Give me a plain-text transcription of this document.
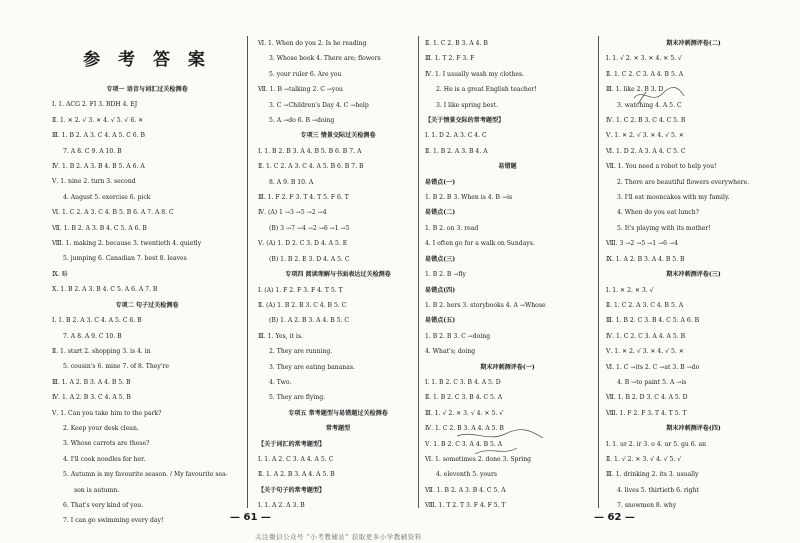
参 考 答 案
专项一 语音与词汇过关检测卷
Ⅰ. 1. ACG 2. FI 3. BDH 4. EJ
Ⅱ. 1. ✕ 2. √ 3. ✕ 4. √ 5. √ 6. ✕
Ⅲ. 1. B 2. A 3. C 4. A 5. C 6. B
7. A 8. C 9. A 10. B
Ⅳ. 1. B 2. A 3. B 4. B 5. A 6. A
Ⅴ. 1. nine 2. turn 3. second
4. August 5. exercise 6. pick
Ⅵ. 1. C 2. A 3. C 4. B 5. B 6. A 7. A 8. C
Ⅶ. 1. B 2. A 3. B 4. C 5. A 6. B
Ⅷ. 1. making 2. because 3. twentieth 4. quietly
5. jumping 6. Canadian 7. best 8. leaves
Ⅸ. 略
Ⅹ. 1. B 2. A 3. B 4. C 5. A 6. A 7. B
专项二 句子过关检测卷
Ⅰ. 1. B 2. A 3. C 4. A 5. C 6. B
7. A 8. A 9. C 10. B
Ⅱ. 1. start 2. shopping 3. is 4. in
5. cousin's 6. mine 7. of 8. They're
Ⅲ. 1. A 2. B 3. A 4. B 5. B
Ⅳ. 1. A 2. B 3. C 4. A 5. B
Ⅴ. 1. Can you take him to the park?
2. Keep your desk clean.
3. Whose carrots are these?
4. I'll cook noodles for her.
5. Autumn is my favourite season. / My favourite sea-
son is autumn.
6. That's very kind of you.
7. I can go swimming every day!
Ⅵ. 1. When do you 2. Is he reading
3. Whose book 4. There are; flowers
5. your ruler 6. Are you
Ⅶ. 1. B →talking 2. C →you
3. C →Children's Day 4. C →help
5. A →do 6. B →doing
专项三 情景交际过关检测卷
Ⅰ. 1. B 2. B 3. A 4. B 5. B 6. B 7. A
Ⅱ. 1. C 2. A 3. C 4. A 5. B 6. B 7. B
8. A 9. B 10. A
Ⅲ. 1. F 2. F 3. T 4. T 5. F 6. T
Ⅳ. (A) 1 →3 →5 →2 →4
(B) 3 →7 →4 →2 →6 →1 →5
Ⅴ. (A) 1. D 2. C 3. D 4. A 5. E
(B) 1. B 2. E 3. D 4. A 5. C
专项四 阅读理解与书面表达过关检测卷
Ⅰ. (A) 1. F 2. F 3. F 4. T 5. T
Ⅱ. (A) 1. B 2. B 3. C 4. B 5. C
(B) 1. A 2. B 3. A 4. B 5. C
Ⅲ. 1. Yes, it is.
2. They are running.
3. They are eating bananas.
4. Two.
5. They are flying.
专项五 常考题型与易错题过关检测卷
常考题型
【关于词汇的常考题型】
Ⅰ. 1. A 2. C 3. A 4. A 5. C
Ⅱ. 1. A 2. B 3. A 4. A 5. B
【关于句子的常考题型】
Ⅰ. 1. A 2. A 3. B
Ⅱ. 1. C 2. B 3. A 4. B
Ⅲ. 1. T 2. F 3. F
Ⅳ. 1. I usually wash my clothes.
2. He is a great English teacher!
3. I like spring best.
【关于情景交际的常考题型】
Ⅰ. 1. D 2. A 3. C 4. C
Ⅱ. 1. B 2. A 3. B 4. A
易错题
易错点(一)
1. B 2. B 3. When is 4. B →is
易错点(二)
1. B 2. on 3. read
4. I often go for a walk on Sundays.
易错点(三)
1. B 2. B →fly
易错点(四)
1. B 2. hers 3. storybooks 4. A →Whose
易错点(五)
1. B 2. B 3. C →doing
4. What's; doing
期末冲刺测评卷(一)
Ⅰ. 1. B 2. C 3. B 4. A 5. D
Ⅱ. 1. B 2. C 3. B 4. C 5. A
Ⅲ. 1. √ 2. ✕ 3. √ 4. ✕ 5. √
Ⅳ. 1. C 2. B 3. A 4. A 5. B
Ⅴ. 1. B 2. C 3. A 4. B 5. A
Ⅵ. 1. sometimes 2. done 3. Spring
4. eleventh 5. yours
Ⅶ. 1. B 2. A 3. B 4. C 5. A
Ⅷ. 1. T 2. T 3. F 4. F 5. T
期末冲刺测评卷(二)
Ⅰ. 1. √ 2. ✕ 3. ✕ 4. ✕ 5. √
Ⅱ. 1. C 2. C 3. A 4. B 5. A
Ⅲ. 1. like 2. B 3. D
3. watching 4. A 5. C
Ⅳ. 1. C 2. B 3. C 4. C 5. B
Ⅴ. 1. ✕ 2. √ 3. ✕ 4. √ 5. ✕
Ⅵ. 1. D 2. A 3. A 4. C 5. C
Ⅶ. 1. You need a robot to help you!
2. There are beautiful flowers everywhere.
3. I'll eat mooncakes with my family.
4. When do you eat lunch?
5. It's playing with its mother!
Ⅷ. 3 →2 →5 →1 →6 →4
Ⅸ. 1. A 2. B 3. A 4. B 5. B
期末冲刺测评卷(三)
Ⅰ. 1. ✕ 2. ✕ 3. √
Ⅱ. 1. C 2. A 3. C 4. B 5. A
Ⅲ. 1. B 2. C 3. B 4. C 5. A 6. B
Ⅳ. 1. C 2. C 3. A 4. A 5. B
Ⅴ. 1. ✕ 2. √ 3. ✕ 4. √ 5. ✕
Ⅵ. 1. C →its 2. C →at 3. B →do
4. B →to paint 5. A →is
Ⅶ. 1. B 2. D 3. C 4. A 5. D
Ⅷ. 1. F 2. F 3. T 4. T 5. T
期末冲刺测评卷(四)
Ⅰ. 1. ur 2. ir 3. o 4. ur 5. gu 6. an
Ⅱ. 1. √ 2. ✕ 3. √ 4. √ 5. √
Ⅲ. 1. drinking 2. its 3. usually
4. lives 5. thirtieth 6. right
7. snowmen 8. why
— 61 —	— 62 —
关注微信公众号 “小考教辅站” 获取更多小学教辅资料
